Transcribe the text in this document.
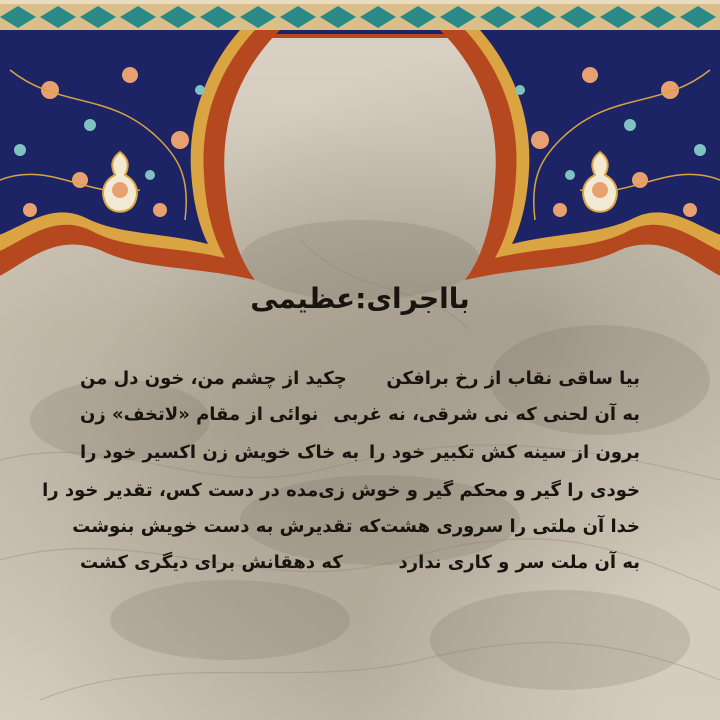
بااجرای:عظیمی
بیا ساقی نقاب از رخ برافکن
چکید از چشم من، خون دل من
به آن لحنی که نی شرقی، نه غربی
نوائی از مقام «لاتخف» زن
برون از سینه کش تکبیر خود را
به خاک خویش زن اکسیر خود را
خودی را گیر و محکم گیر و خوش زی
مده در دست کس، تقدیر خود را
خدا آن ملتی را سروری هشت
که تقدیرش به دست خویش بنوشت
به آن ملت سر و کاری ندارد
که دهقانش برای دیگری کشت
